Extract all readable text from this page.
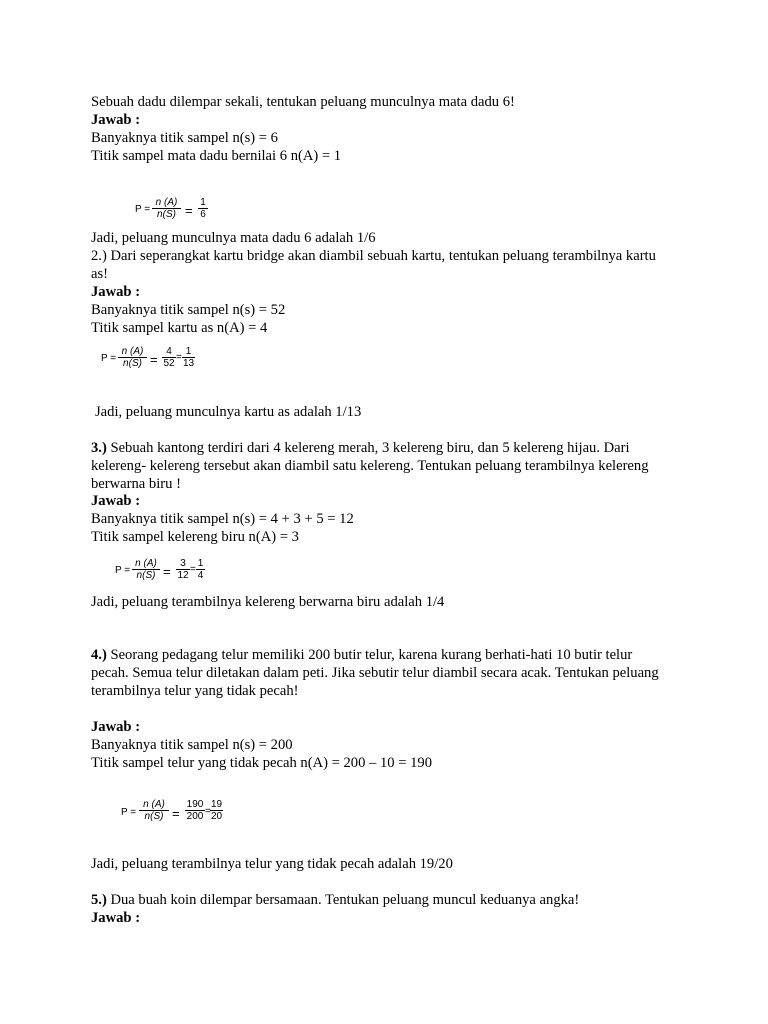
Sebuah dadu dilempar sekali, tentukan peluang munculnya mata dadu 6!
Jawab :
Banyaknya titik sampel n(s) = 6
Titik sampel mata dadu bernilai 6 n(A) = 1
P =
n (A)
n(S) =
1
6
Jadi, peluang munculnya mata dadu 6 adalah 1/6
2.) Dari seperangkat kartu bridge akan diambil sebuah kartu, tentukan peluang terambilnya kartu
as!
Jawab :
Banyaknya titik sampel n(s) = 52
Titik sampel kartu as n(A) = 4
P =
n (A)
n(S) =
4
52
=
1
13
Jadi, peluang munculnya kartu as adalah 1/13
3.) Sebuah kantong terdiri dari 4 kelereng merah, 3 kelereng biru, dan 5 kelereng hijau. Dari
kelereng- kelereng tersebut akan diambil satu kelereng. Tentukan peluang terambilnya kelereng
berwarna biru !
Jawab :
Banyaknya titik sampel n(s) = 4 + 3 + 5 = 12
Titik sampel kelereng biru n(A) = 3
P =
n (A)
n(S) =
3
12
=
1
4
Jadi, peluang terambilnya kelereng berwarna biru adalah 1/4
4.) Seorang pedagang telur memiliki 200 butir telur, karena kurang berhati-hati 10 butir telur
pecah. Semua telur diletakan dalam peti. Jika sebutir telur diambil secara acak. Tentukan peluang
terambilnya telur yang tidak pecah!
Jawab :
Banyaknya titik sampel n(s) = 200
Titik sampel telur yang tidak pecah n(A) = 200 – 10 = 190
P =
n (A)
n(S) =
190
200 =
19
20
Jadi, peluang terambilnya telur yang tidak pecah adalah 19/20
5.) Dua buah koin dilempar bersamaan. Tentukan peluang muncul keduanya angka!
Jawab :
